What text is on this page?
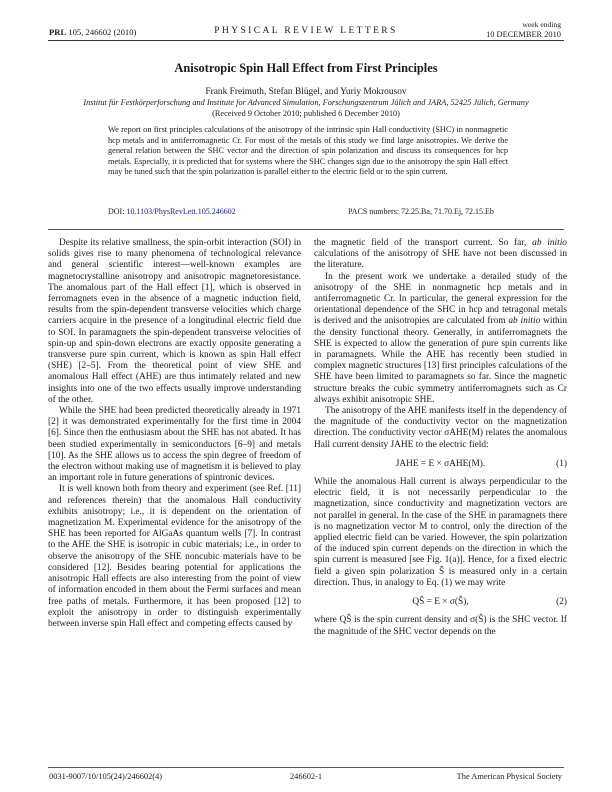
PRL 105, 246602 (2010)	PHYSICAL REVIEW LETTERS
week ending
10 DECEMBER 2010
Anisotropic Spin Hall Effect from First Principles
Frank Freimuth, Stefan Blügel, and Yuriy Mokrousov
Institut für Festkörperforschung and Institute for Advanced Simulation, Forschungszentrum Jülich and JARA, 52425 Jülich, Germany
(Received 9 October 2010; published 6 December 2010)
We report on first principles calculations of the anisotropy of the intrinsic spin Hall conductivity (SHC) in nonmagnetic hcp metals and in antiferromagnetic Cr. For most of the metals of this study we find large anisotropies. We derive the general relation between the SHC vector and the direction of spin polarization and discuss its consequences for hcp metals. Especially, it is predicted that for systems where the SHC changes sign due to the anisotropy the spin Hall effect may be tuned such that the spin polarization is parallel either to the electric field or to the spin current.
DOI: 10.1103/PhysRevLett.105.246602	PACS numbers: 72.25.Ba, 71.70.Ej, 72.15.Eb

Despite its relative smallness, the spin-orbit interaction (SOI) in solids gives rise to many phenomena of technological relevance and general scientific interest—well-known examples are magnetocrystalline anisotropy and anisotropic magnetoresistance. The anomalous part of the Hall effect [1], which is observed in ferromagnets even in the absence of a magnetic induction field, results from the spin-dependent transverse velocities which charge carriers acquire in the presence of a longitudinal electric field due to SOI. In paramagnets the spin-dependent transverse velocities of spin-up and spin-down electrons are exactly opposite generating a transverse pure spin current, which is known as spin Hall effect (SHE) [2–5]. From the theoretical point of view SHE and anomalous Hall effect (AHE) are thus intimately related and new insights into one of the two effects usually improve understanding of the other.

While the SHE had been predicted theoretically already in 1971 [2] it was demonstrated experimentally for the first time in 2004 [6]. Since then the enthusiasm about the SHE has not abated. It has been studied experimentally in semiconductors [6–9] and metals [10]. As the SHE allows us to access the spin degree of freedom of the electron without making use of magnetism it is believed to play an important role in future generations of spintronic devices.

It is well known both from theory and experiment (see Ref. [11] and references therein) that the anomalous Hall conductivity exhibits anisotropy; i.e., it is dependent on the orientation of magnetization M. Experimental evidence for the anisotropy of the SHE has been reported for AlGaAs quantum wells [7]. In contrast to the AHE the SHE is isotropic in cubic materials; i.e., in order to observe the anisotropy of the SHE noncubic materials have to be considered [12]. Besides bearing potential for applications the anisotropic Hall effects are also interesting from the point of view of information encoded in them about the Fermi surfaces and mean free paths of metals. Furthermore, it has been proposed [12] to exploit the anisotropy in order to distinguish experimentally between inverse spin Hall effect and competing effects caused by

the magnetic field of the transport current. So far, ab initio calculations of the anisotropy of SHE have not been discussed in the literature.

In the present work we undertake a detailed study of the anisotropy of the SHE in nonmagnetic hcp metals and in antiferromagnetic Cr. In particular, the general expression for the orientational dependence of the SHC in hcp and tetragonal metals is derived and the anisotropies are calculated from ab initio within the density functional theory. Generally, in antiferromagnets the SHE is expected to allow the generation of pure spin currents like in paramagnets. While the AHE has recently been studied in complex magnetic structures [13] first principles calculations of the SHE have been limited to paramagnets so far. Since the magnetic structure breaks the cubic symmetry antiferromagnets such as Cr always exhibit anisotropic SHE.

The anisotropy of the AHE manifests itself in the dependency of the magnitude of the conductivity vector on the magnetization direction. The conductivity vector σAHE(M) relates the anomalous Hall current density JAHE to the electric field:

JAHE = E × σAHE(M).	(1)

While the anomalous Hall current is always perpendicular to the electric field, it is not necessarily perpendicular to the magnetization, since conductivity and magnetization vectors are not parallel in general. In the case of the SHE in paramagnets there is no magnetization vector M to control, only the direction of the applied electric field can be varied. However, the spin polarization of the induced spin current depends on the direction in which the spin current is measured [see Fig. 1(a)]. Hence, for a fixed electric field a given spin polarization Ŝ is measured only in a certain direction. Thus, in analogy to Eq. (1) we may write

QŜ = E × σ(Ŝ),	(2)

where QŜ is the spin current density and σ(Ŝ) is the SHC vector. If the magnitude of the SHC vector depends on the

0031-9007/10/105(24)/246602(4)	246602-1	The American Physical Society
